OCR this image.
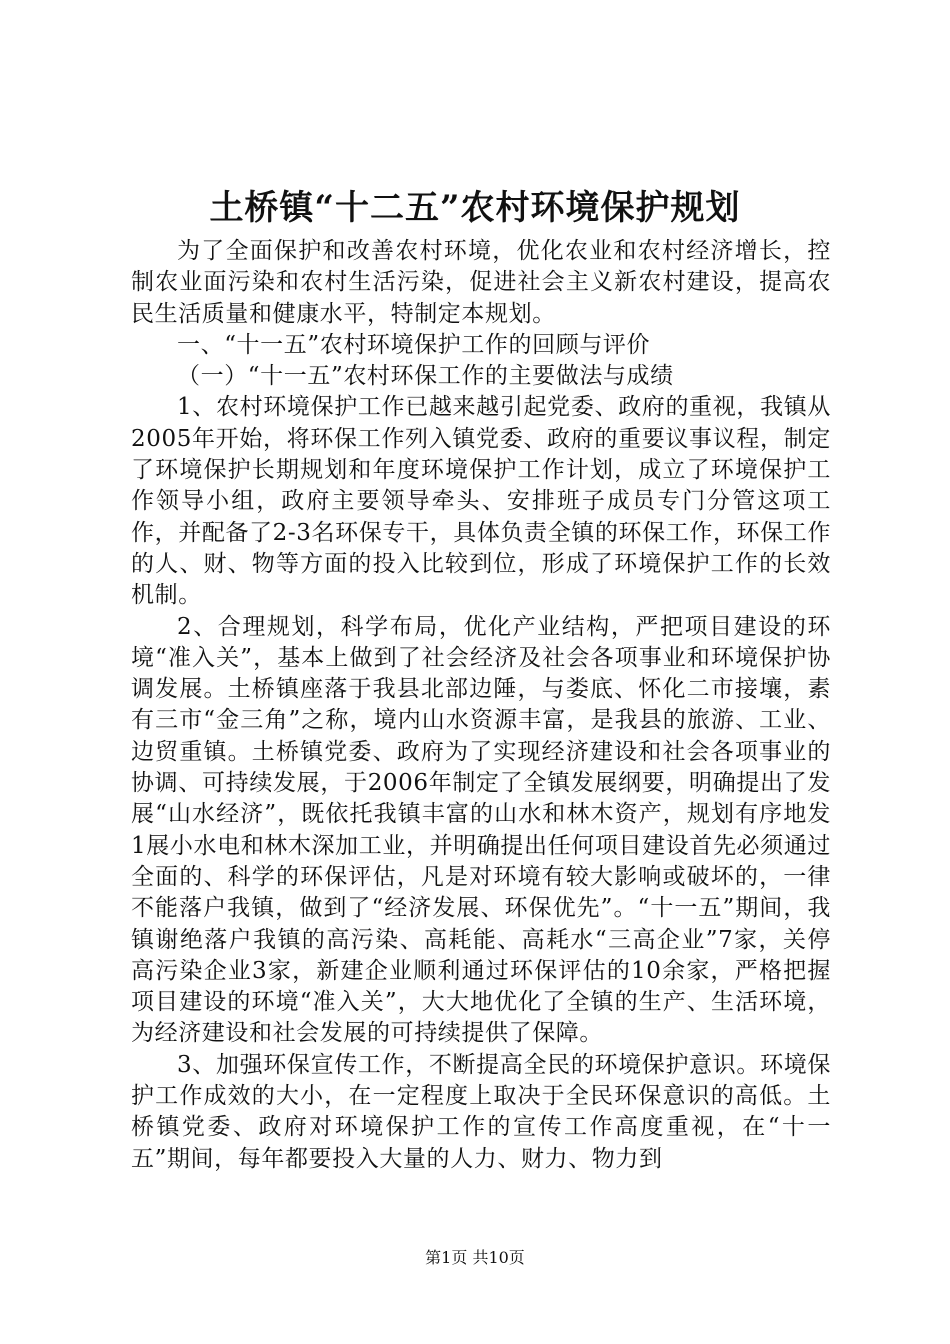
土桥镇“十二五”农村环境保护规划

为了全面保护和改善农村环境，优化农业和农村经济增长，控制农业面污染和农村生活污染，促进社会主义新农村建设，提高农民生活质量和健康水平，特制定本规划。

一、“十一五”农村环境保护工作的回顾与评价

（一）“十一五”农村环保工作的主要做法与成绩

1、农村环境保护工作已越来越引起党委、政府的重视，我镇从2005年开始，将环保工作列入镇党委、政府的重要议事议程，制定了环境保护长期规划和年度环境保护工作计划，成立了环境保护工作领导小组，政府主要领导牵头、安排班子成员专门分管这项工作，并配备了2-3名环保专干，具体负责全镇的环保工作，环保工作的人、财、物等方面的投入比较到位，形成了环境保护工作的长效机制。

2、合理规划，科学布局，优化产业结构，严把项目建设的环境“准入关”，基本上做到了社会经济及社会各项事业和环境保护协调发展。土桥镇座落于我县北部边陲，与娄底、怀化二市接壤，素有三市“金三角”之称，境内山水资源丰富，是我县的旅游、工业、边贸重镇。土桥镇党委、政府为了实现经济建设和社会各项事业的协调、可持续发展，于2006年制定了全镇发展纲要，明确提出了发展“山水经济”，既依托我镇丰富的山水和林木资产，规划有序地发1展小水电和林木深加工业，并明确提出任何项目建设首先必须通过全面的、科学的环保评估，凡是对环境有较大影响或破坏的，一律不能落户我镇，做到了“经济发展、环保优先”。“十一五”期间，我镇谢绝落户我镇的高污染、高耗能、高耗水“三高企业”7家，关停高污染企业3家，新建企业顺利通过环保评估的10余家，严格把握项目建设的环境“准入关”，大大地优化了全镇的生产、生活环境，为经济建设和社会发展的可持续提供了保障。

3、加强环保宣传工作，不断提高全民的环境保护意识。环境保护工作成效的大小，在一定程度上取决于全民环保意识的高低。土桥镇党委、政府对环境保护工作的宣传工作高度重视，在“十一五”期间，每年都要投入大量的人力、财力、物力到

第1页 共10页
